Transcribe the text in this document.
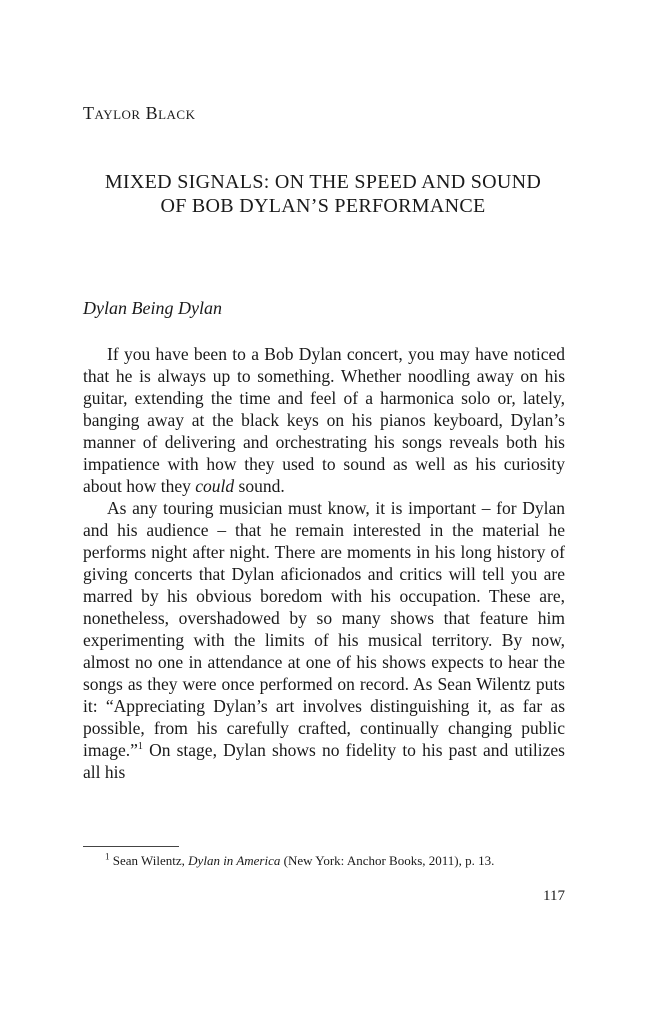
Taylor Black
MIXED SIGNALS: ON THE SPEED AND SOUND
OF BOB DYLAN’S PERFORMANCE
Dylan Being Dylan

If you have been to a Bob Dylan concert, you may have noticed that he is always up to something. Whether noodling away on his guitar, extending the time and feel of a harmonica solo or, lately, banging away at the black keys on his pianos keyboard, Dylan’s manner of delivering and orchestrating his songs reveals both his impatience with how they used to sound as well as his curiosity about how they could sound.

As any touring musician must know, it is important – for Dylan and his audience – that he remain interested in the material he performs night after night. There are moments in his long history of giving concerts that Dylan aficionados and critics will tell you are marred by his obvious boredom with his occupation. These are, nonetheless, overshadowed by so many shows that feature him experimenting with the limits of his musical territory. By now, almost no one in attendance at one of his shows expects to hear the songs as they were once performed on record. As Sean Wilentz puts it: “Appreciating Dylan’s art involves distinguishing it, as far as possible, from his carefully crafted, continually changing public image.”$^1$ On stage, Dylan shows no fidelity to his past and utilizes all his

$^1$ Sean Wilentz, Dylan in America (New York: Anchor Books, 2011), p. 13.

117
